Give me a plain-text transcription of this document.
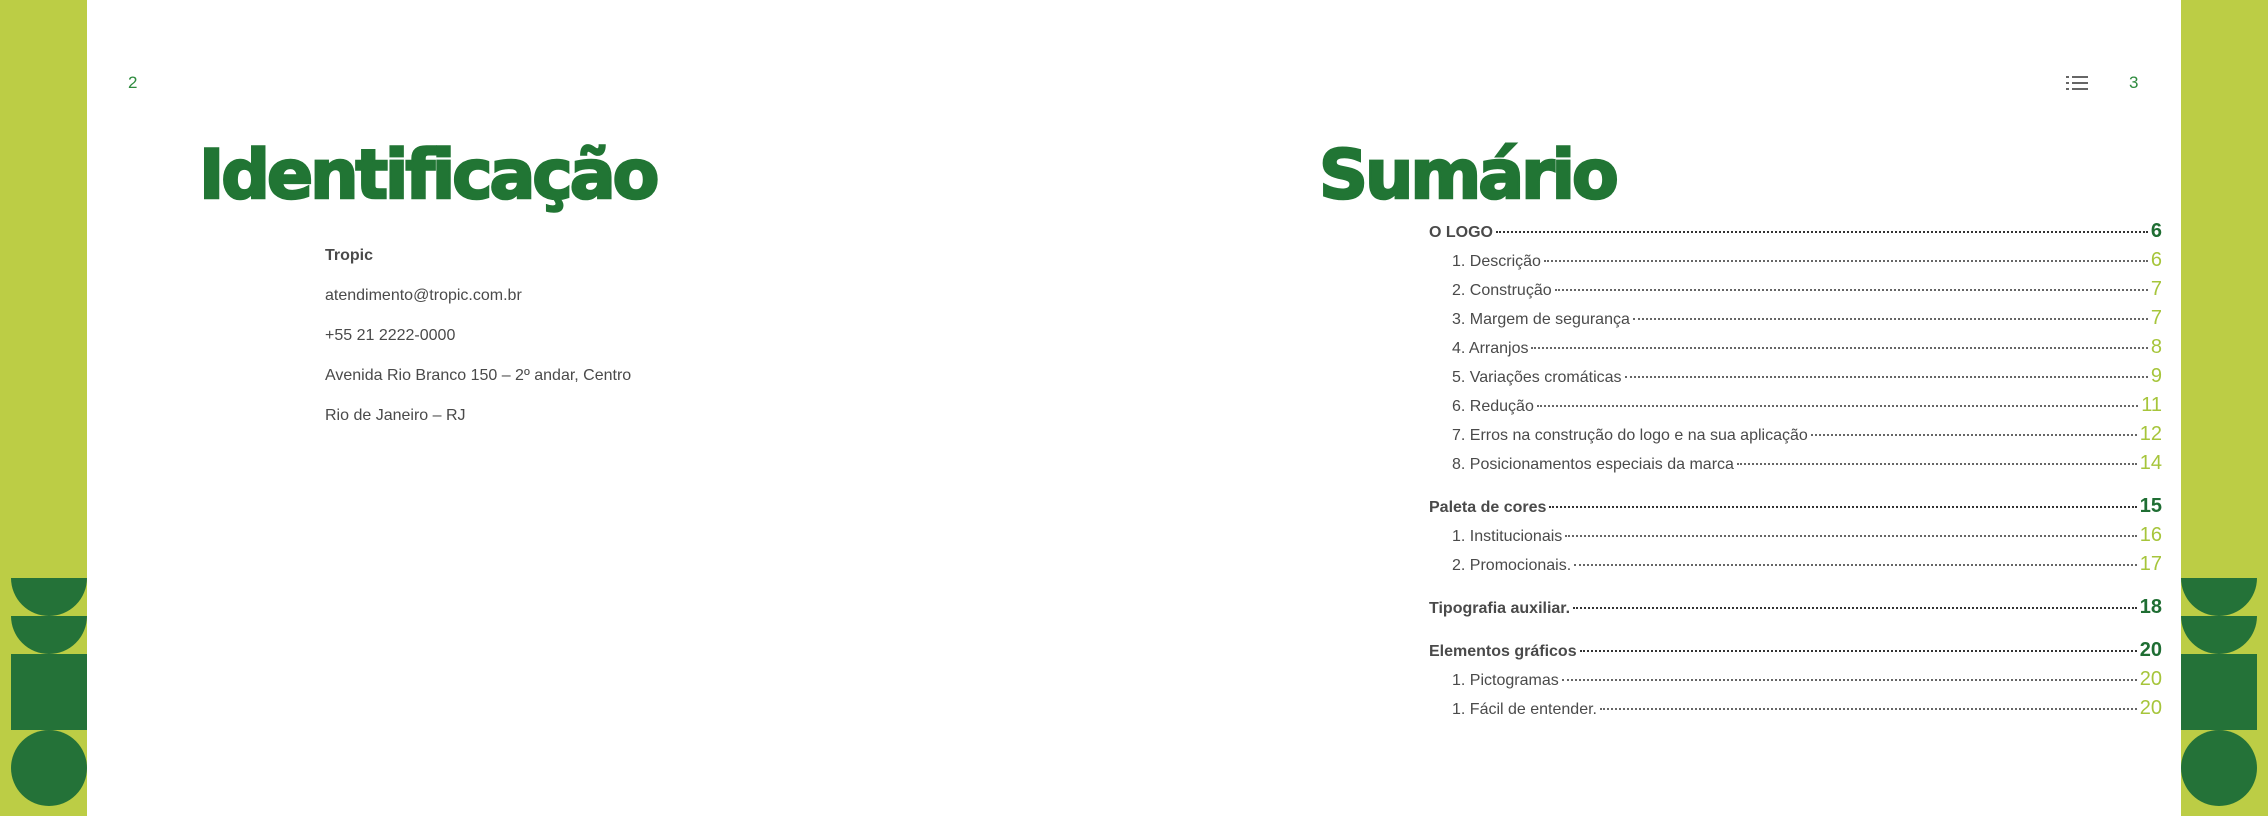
2
Identificação
Tropic
atendimento@tropic.com.br
+55 21 2222-0000
Avenida Rio Branco 150 – 2º andar, Centro
Rio de Janeiro – RJ
3
Sumário
O LOGO	6
1. Descrição	6
2. Construção	7
3. Margem de segurança	7
4. Arranjos	8
5. Variações cromáticas	9
6. Redução	11
7. Erros na construção do logo e na sua aplicação	12
8. Posicionamentos especiais da marca	14
Paleta de cores	15
1. Institucionais	16
2. Promocionais.	17
Tipografia auxiliar.	18
Elementos gráficos	20
1. Pictogramas	20
1. Fácil de entender.	20
